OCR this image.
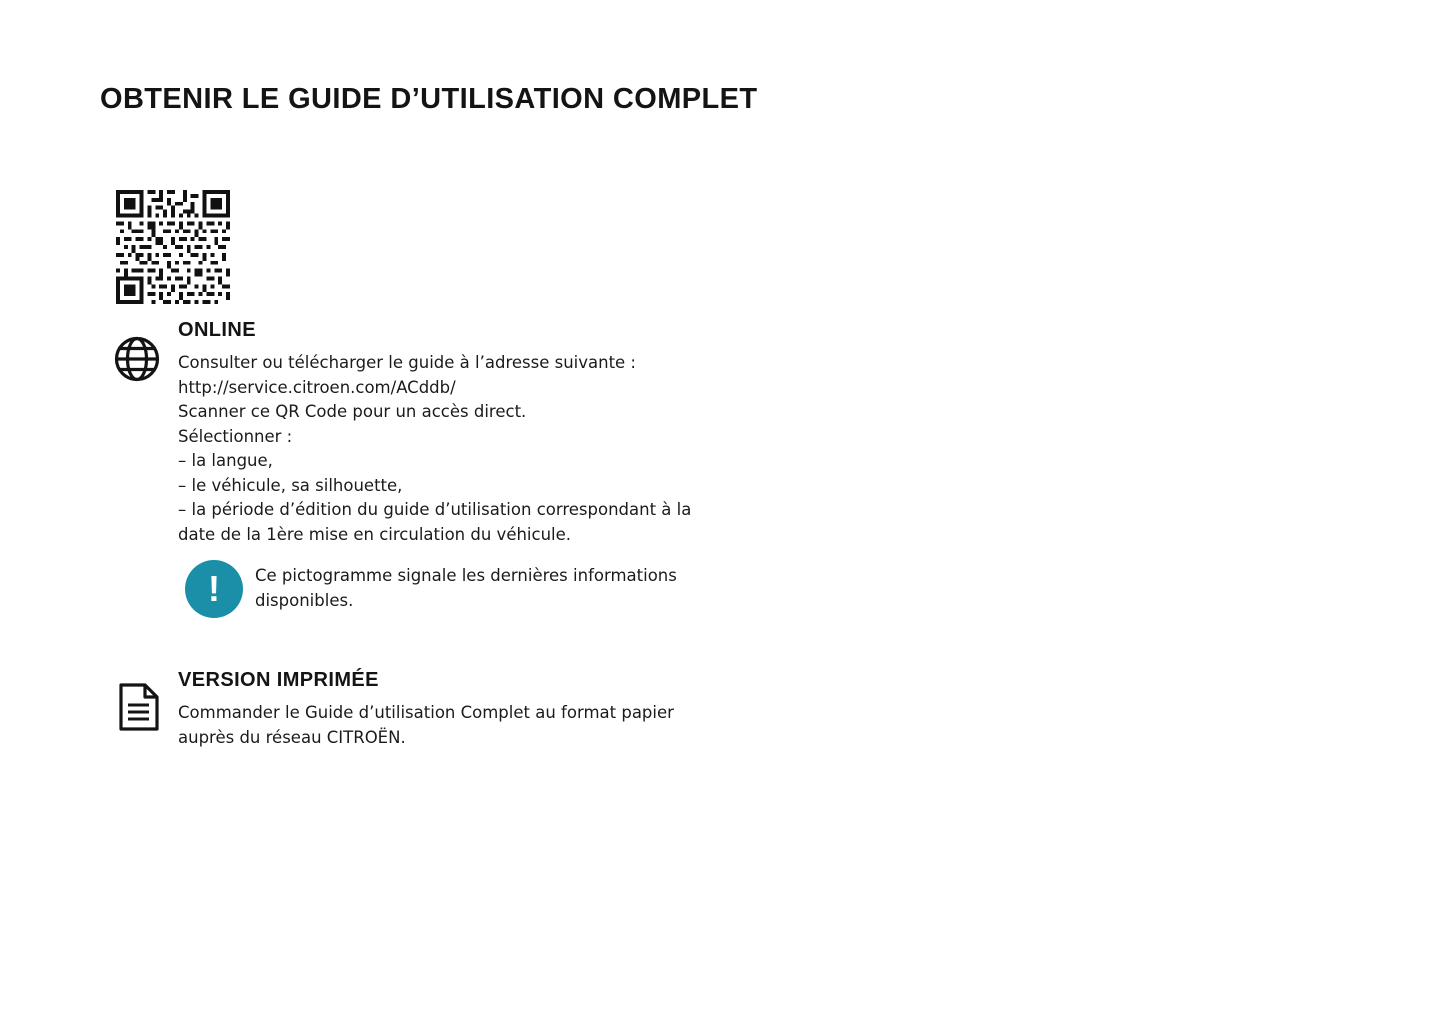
OBTENIR LE GUIDE D’UTILISATION COMPLET
ONLINE
Consulter ou télécharger le guide à l’adresse suivante :
http://service.citroen.com/ACddb/
Scanner ce QR Code pour un accès direct.
Sélectionner :
– la langue,
– le véhicule, sa silhouette,
– la période d’édition du guide d’utilisation correspondant à la
date de la 1ère mise en circulation du véhicule.
!	Ce pictogramme signale les dernières informations
disponibles.
VERSION IMPRIMÉE
Commander le Guide d’utilisation Complet au format papier
auprès du réseau CITROËN.
